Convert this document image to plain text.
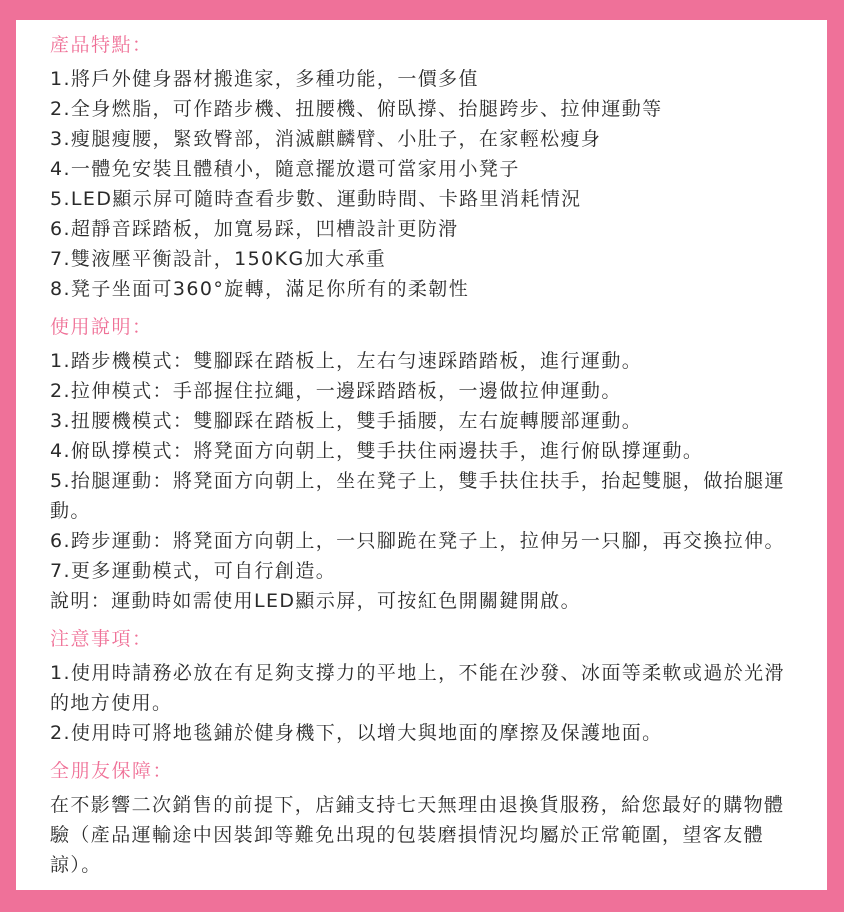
產品特點：
1.將戶外健身器材搬進家，多種功能，一價多值
2.全身燃脂，可作踏步機、扭腰機、俯臥撐、抬腿跨步、拉伸運動等
3.瘦腿瘦腰，緊致臀部，消滅麒麟臂、小肚子，在家輕松瘦身
4.一體免安裝且體積小，隨意擺放還可當家用小凳子
5.LED顯示屏可隨時查看步數、運動時間、卡路里消耗情況
6.超靜音踩踏板，加寬易踩，凹槽設計更防滑
7.雙液壓平衡設計，150KG加大承重
8.凳子坐面可360°旋轉，滿足你所有的柔韌性
使用說明：
1.踏步機模式：雙腳踩在踏板上，左右勻速踩踏踏板，進行運動。
2.拉伸模式：手部握住拉繩，一邊踩踏踏板，一邊做拉伸運動。
3.扭腰機模式：雙腳踩在踏板上，雙手插腰，左右旋轉腰部運動。
4.俯臥撐模式：將凳面方向朝上，雙手扶住兩邊扶手，進行俯臥撐運動。
5.抬腿運動：將凳面方向朝上，坐在凳子上，雙手扶住扶手，抬起雙腿，做抬腿運動。
6.跨步運動：將凳面方向朝上，一只腳跪在凳子上，拉伸另一只腳，再交換拉伸。
7.更多運動模式，可自行創造。
說明：運動時如需使用LED顯示屏，可按紅色開關鍵開啟。
注意事項：
1.使用時請務必放在有足夠支撐力的平地上，不能在沙發、冰面等柔軟或過於光滑的地方使用。
2.使用時可將地毯鋪於健身機下，以增大與地面的摩擦及保護地面。
全朋友保障：
在不影響二次銷售的前提下，店鋪支持七天無理由退換貨服務，給您最好的購物體驗（產品運輸途中因裝卸等難免出現的包裝磨損情況均屬於正常範圍，望客友體諒）。
